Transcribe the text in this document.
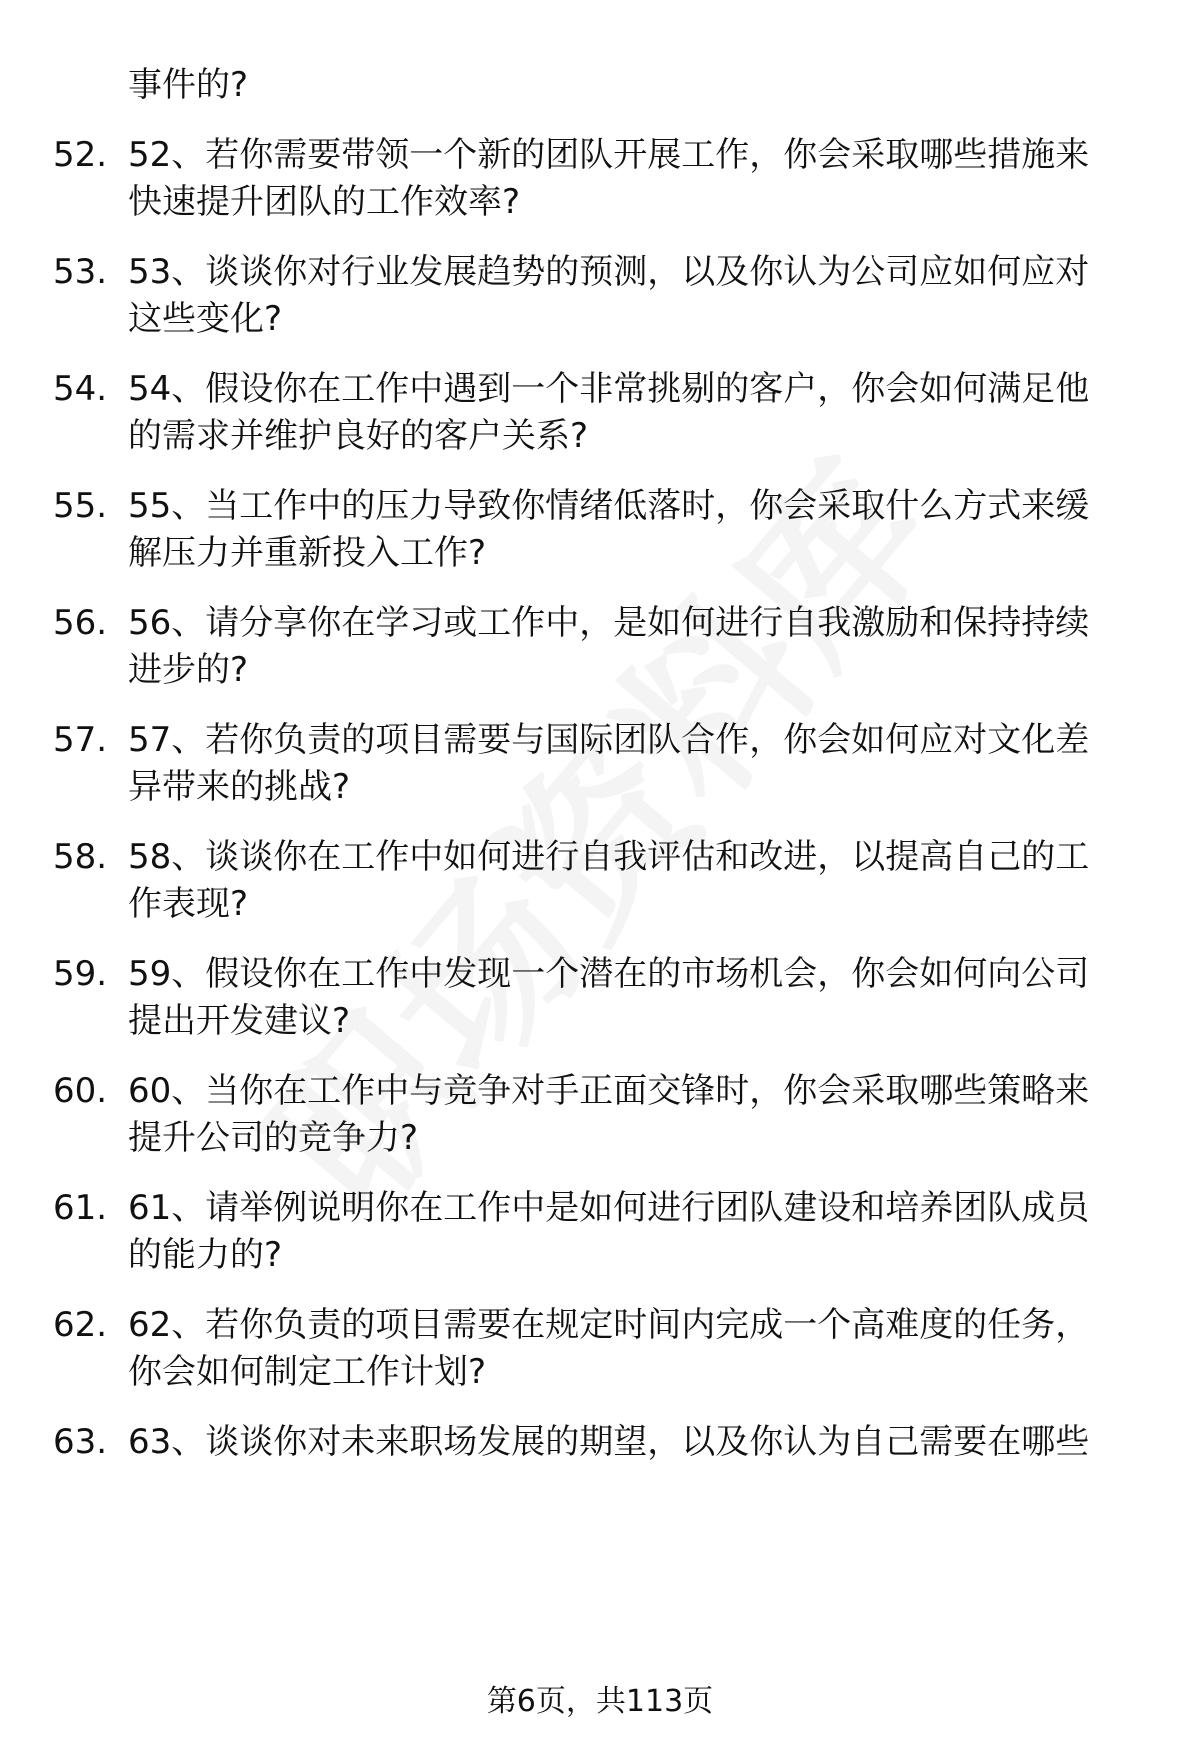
事件的?
52. 52、若你需要带领一个新的团队开展工作，你会采取哪些措施来
快速提升团队的工作效率?
53. 53、谈谈你对行业发展趋势的预测，以及你认为公司应如何应对
这些变化?
54. 54、假设你在工作中遇到一个非常挑剔的客户，你会如何满足他
的需求并维护良好的客户关系?
55. 55、当工作中的压力导致你情绪低落时，你会采取什么方式来缓
解压力并重新投入工作?
56. 56、请分享你在学习或工作中，是如何进行自我激励和保持持续
进步的?
57. 57、若你负责的项目需要与国际团队合作，你会如何应对文化差
异带来的挑战?
58. 58、谈谈你在工作中如何进行自我评估和改进，以提高自己的工
作表现?
59. 59、假设你在工作中发现一个潜在的市场机会，你会如何向公司
提出开发建议?
60. 60、当你在工作中与竞争对手正面交锋时，你会采取哪些策略来
提升公司的竞争力?
61. 61、请举例说明你在工作中是如何进行团队建设和培养团队成员
的能力的?
62. 62、若你负责的项目需要在规定时间内完成一个高难度的任务，
你会如何制定工作计划?
63. 63、谈谈你对未来职场发展的期望，以及你认为自己需要在哪些
第6页，共113页
